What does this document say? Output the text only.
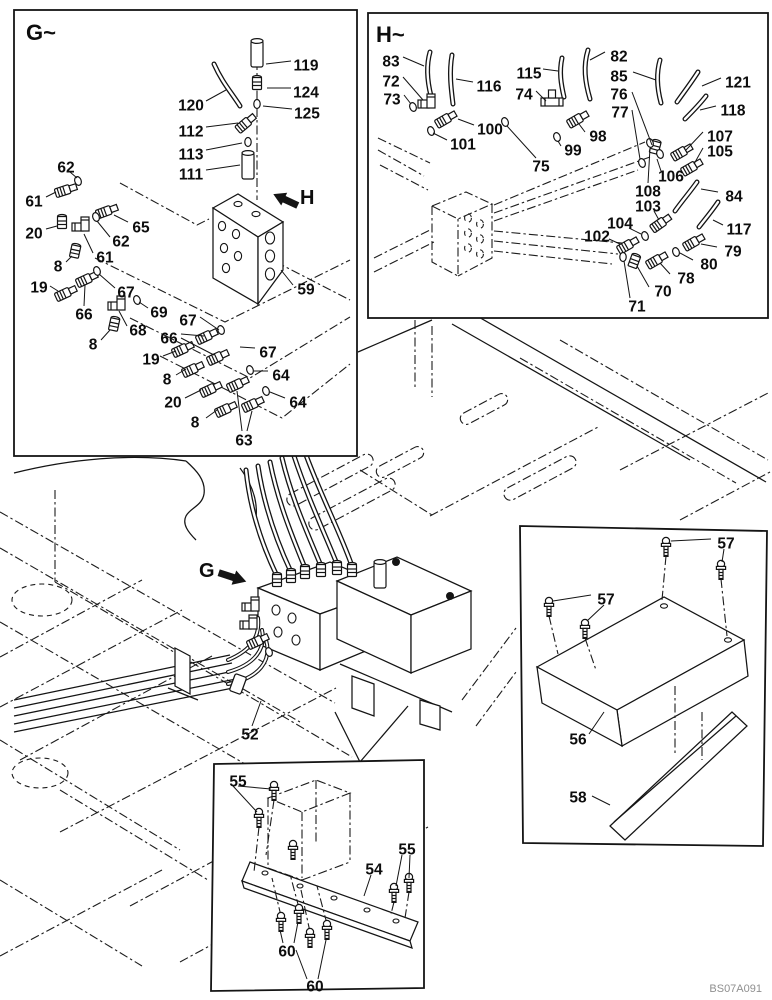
G
H
G~	H~
119
124
125
120
112
113
111
62
61
20	65
62
61
8
19
66
67
69
68
67
66
8
19
8
20
8
67
64
64
63
59
83
72
73
116
115
74
100
101
82
85
76
77
121
118
107
105
98
99
75
106
108	84
103
104
102	117
79
80
78
70
71
52
57
57
56
58
55
55
54
60
60	BS07A091
